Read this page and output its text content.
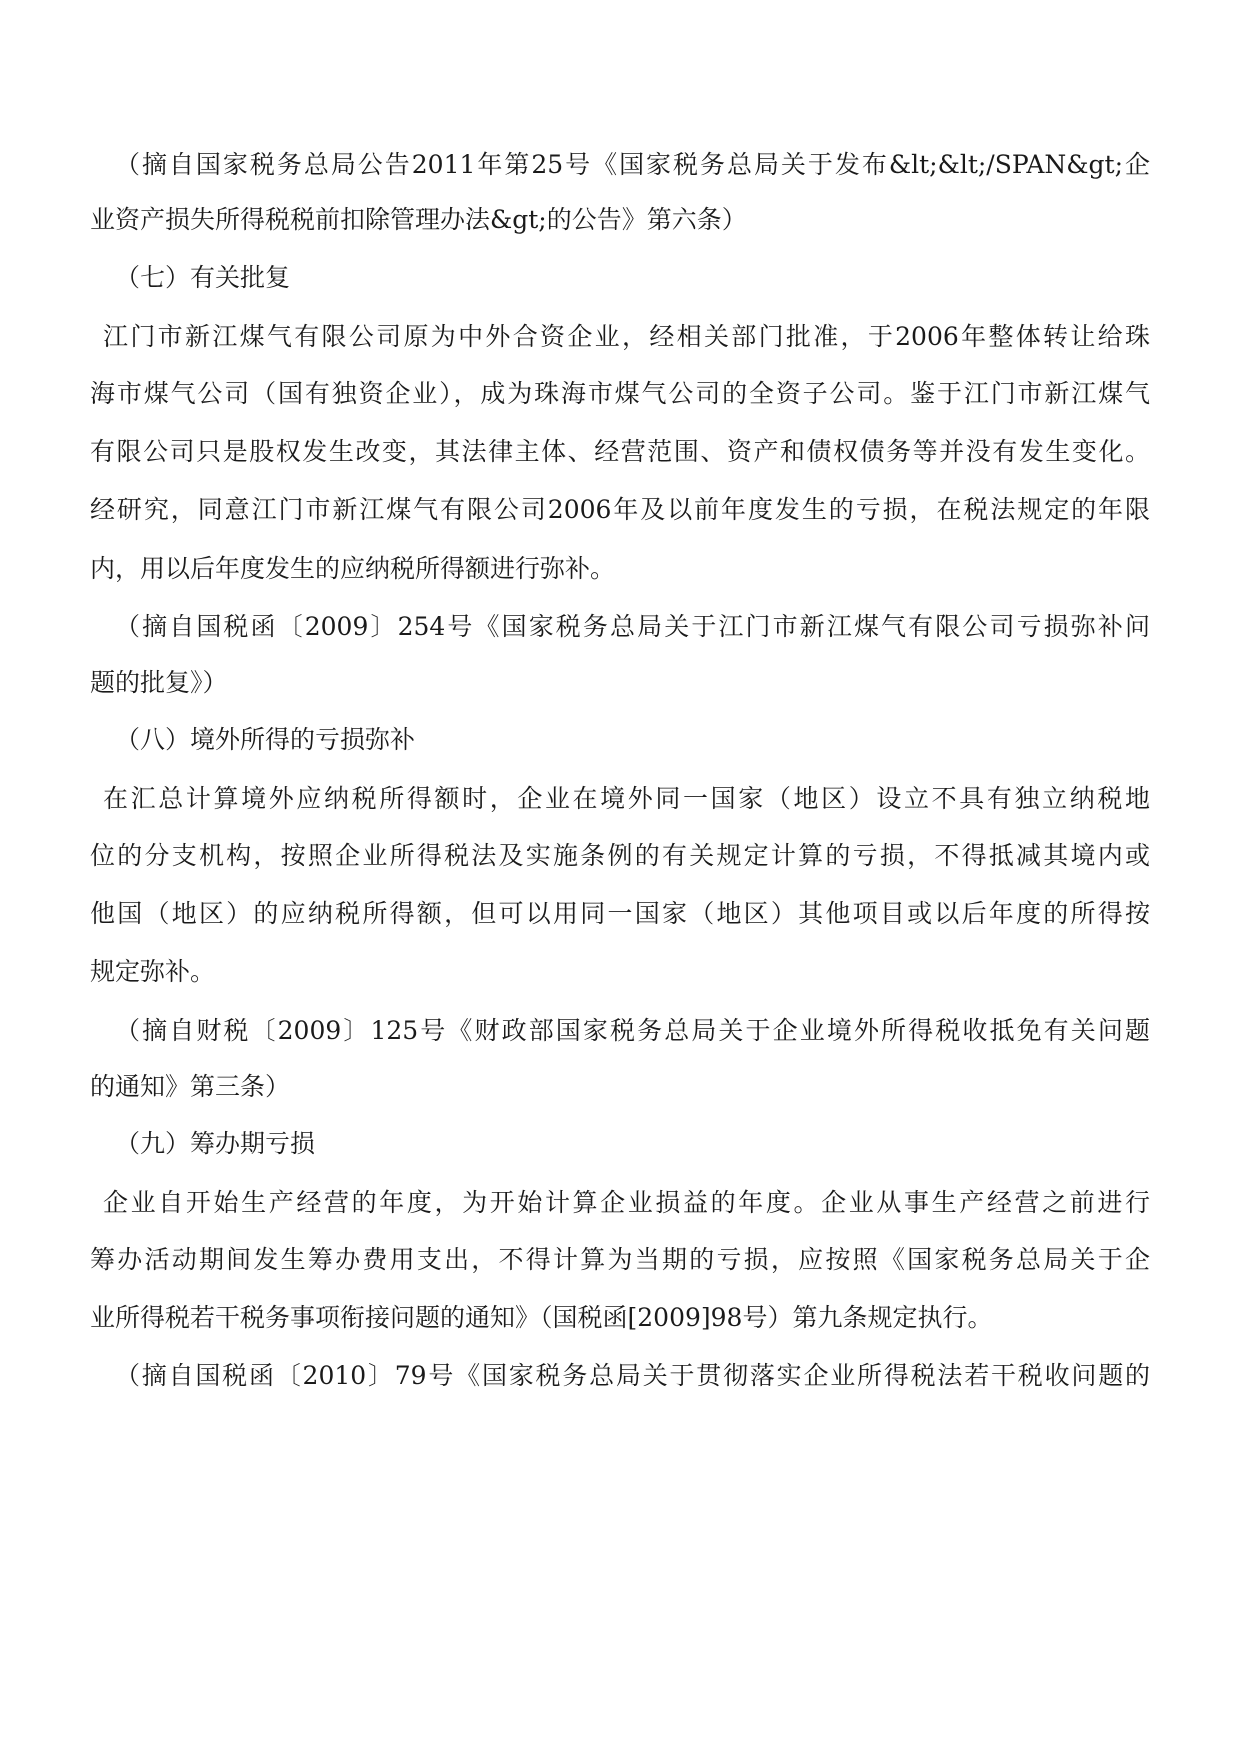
（摘自国家税务总局公告2011年第25号《国家税务总局关于发布&lt;&lt;/SPAN&gt;企
业资产损失所得税税前扣除管理办法&gt;的公告》第六条）
（七）有关批复
江门市新江煤气有限公司原为中外合资企业，经相关部门批准，于2006年整体转让给珠
海市煤气公司（国有独资企业），成为珠海市煤气公司的全资子公司。鉴于江门市新江煤气
有限公司只是股权发生改变，其法律主体、经营范围、资产和债权债务等并没有发生变化。
经研究，同意江门市新江煤气有限公司2006年及以前年度发生的亏损，在税法规定的年限
内，用以后年度发生的应纳税所得额进行弥补。
（摘自国税函〔2009〕254号《国家税务总局关于江门市新江煤气有限公司亏损弥补问
题的批复》）
（八）境外所得的亏损弥补
在汇总计算境外应纳税所得额时，企业在境外同一国家（地区）设立不具有独立纳税地
位的分支机构，按照企业所得税法及实施条例的有关规定计算的亏损，不得抵减其境内或
他国（地区）的应纳税所得额，但可以用同一国家（地区）其他项目或以后年度的所得按
规定弥补。
（摘自财税〔2009〕125号《财政部国家税务总局关于企业境外所得税收抵免有关问题
的通知》第三条）
（九）筹办期亏损
企业自开始生产经营的年度，为开始计算企业损益的年度。企业从事生产经营之前进行
筹办活动期间发生筹办费用支出，不得计算为当期的亏损，应按照《国家税务总局关于企
业所得税若干税务事项衔接问题的通知》（国税函[2009]98号）第九条规定执行。
（摘自国税函〔2010〕79号《国家税务总局关于贯彻落实企业所得税法若干税收问题的
